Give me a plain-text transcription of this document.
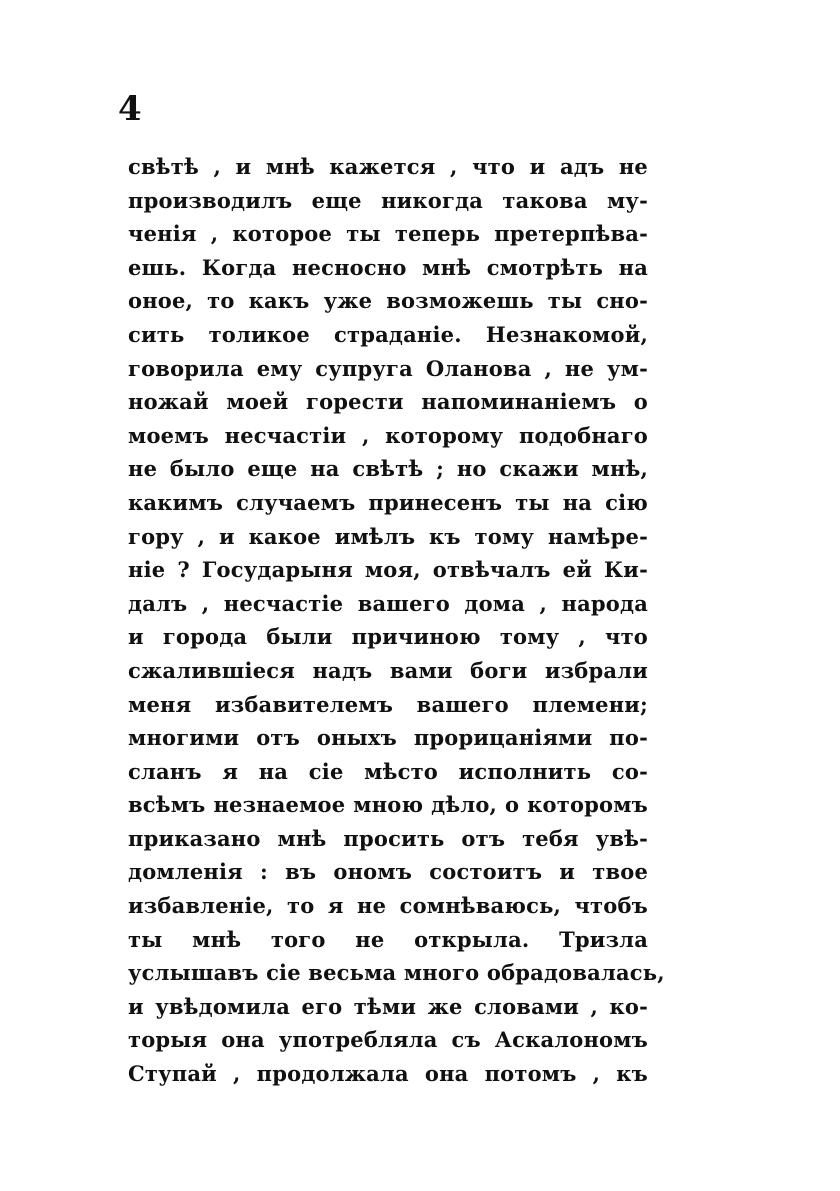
4
свѣтѣ , и мнѣ кажется , что и адъ не
производилъ еще никогда такова му-
ченія , которое ты теперь претерпѣва-
ешь. Когда несносно мнѣ смотрѣть на
оное, то какъ уже возможешь ты сно-
сить толикое страданіе. Незнакомой,
говорила ему супруга Оланова , не ум-
ножай моей горести напоминаніемъ о
моемъ несчастіи , которому подобнаго
не было еще на свѣтѣ ; но скажи мнѣ,
какимъ случаемъ принесенъ ты на сію
гору , и какое имѣлъ къ тому намѣре-
ніе ? Государыня моя, отвѣчалъ ей Ки-
далъ , несчастіе вашего дома , народа
и города были причиною тому , что
сжалившіеся надъ вами боги избрали
меня избавителемъ вашего племени;
многими отъ оныхъ прорицаніями по-
сланъ я на сіе мѣсто исполнить со-
всѣмъ незнаемое мною дѣло, о которомъ
приказано мнѣ просить отъ тебя увѣ-
домленія : въ ономъ состоитъ и твое
избавленіе, то я не сомнѣваюсь, чтобъ
ты мнѣ того не открыла. Тризла
услышавъ сіе весьма много обрадовалась,
и увѣдомила его тѣми же словами , ко-
торыя она употребляла съ Аскалономъ
Ступай , продолжала она потомъ , къ
